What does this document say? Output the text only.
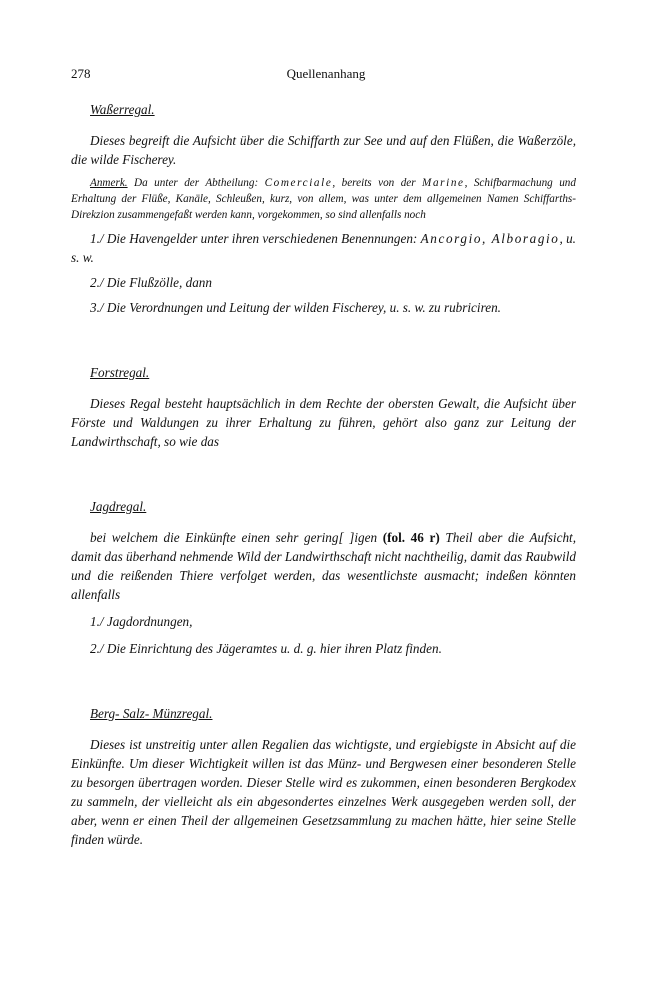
278	Quellenanhang

Waßerregal.

Dieses begreift die Aufsicht über die Schiffarth zur See und auf den Flüßen, die Waßerzöle, die wilde Fischerey.

Anmerk. Da unter der Abtheilung: Comerciale, bereits von der Marine, Schifbarmachung und Erhaltung der Flüße, Kanäle, Schleußen, kurz, von allem, was unter dem allgemeinen Namen Schiffarths-Direkzion zusammengefaßt werden kann, vorgekommen, so sind allenfalls noch

1./ Die Havengelder unter ihren verschiedenen Benennungen: Ancorgio, Alboragio, u. s. w.

2./ Die Flußzölle, dann

3./ Die Verordnungen und Leitung der wilden Fischerey, u. s. w. zu rubriciren.

Forstregal.

Dieses Regal besteht hauptsächlich in dem Rechte der obersten Gewalt, die Aufsicht über Förste und Waldungen zu ihrer Erhaltung zu führen, gehört also ganz zur Leitung der Landwirthschaft, so wie das

Jagdregal.

bei welchem die Einkünfte einen sehr gering[ ]igen (fol. 46 r) Theil aber die Aufsicht, damit das überhand nehmende Wild der Landwirthschaft nicht nachtheilig, damit das Raubwild und die reißenden Thiere verfolget werden, das wesentlichste ausmacht; indeßen könnten allenfalls

1./ Jagdordnungen,

2./ Die Einrichtung des Jägeramtes u. d. g. hier ihren Platz finden.

Berg- Salz- Münzregal.

Dieses ist unstreitig unter allen Regalien das wichtigste, und ergiebigste in Absicht auf die Einkünfte. Um dieser Wichtigkeit willen ist das Münz- und Bergwesen einer besonderen Stelle zu besorgen übertragen worden. Dieser Stelle wird es zukommen, einen besonderen Bergkodex zu sammeln, der vielleicht als ein abgesondertes einzelnes Werk ausgegeben werden soll, der aber, wenn er einen Theil der allgemeinen Gesetzsammlung zu machen hätte, hier seine Stelle finden würde.
